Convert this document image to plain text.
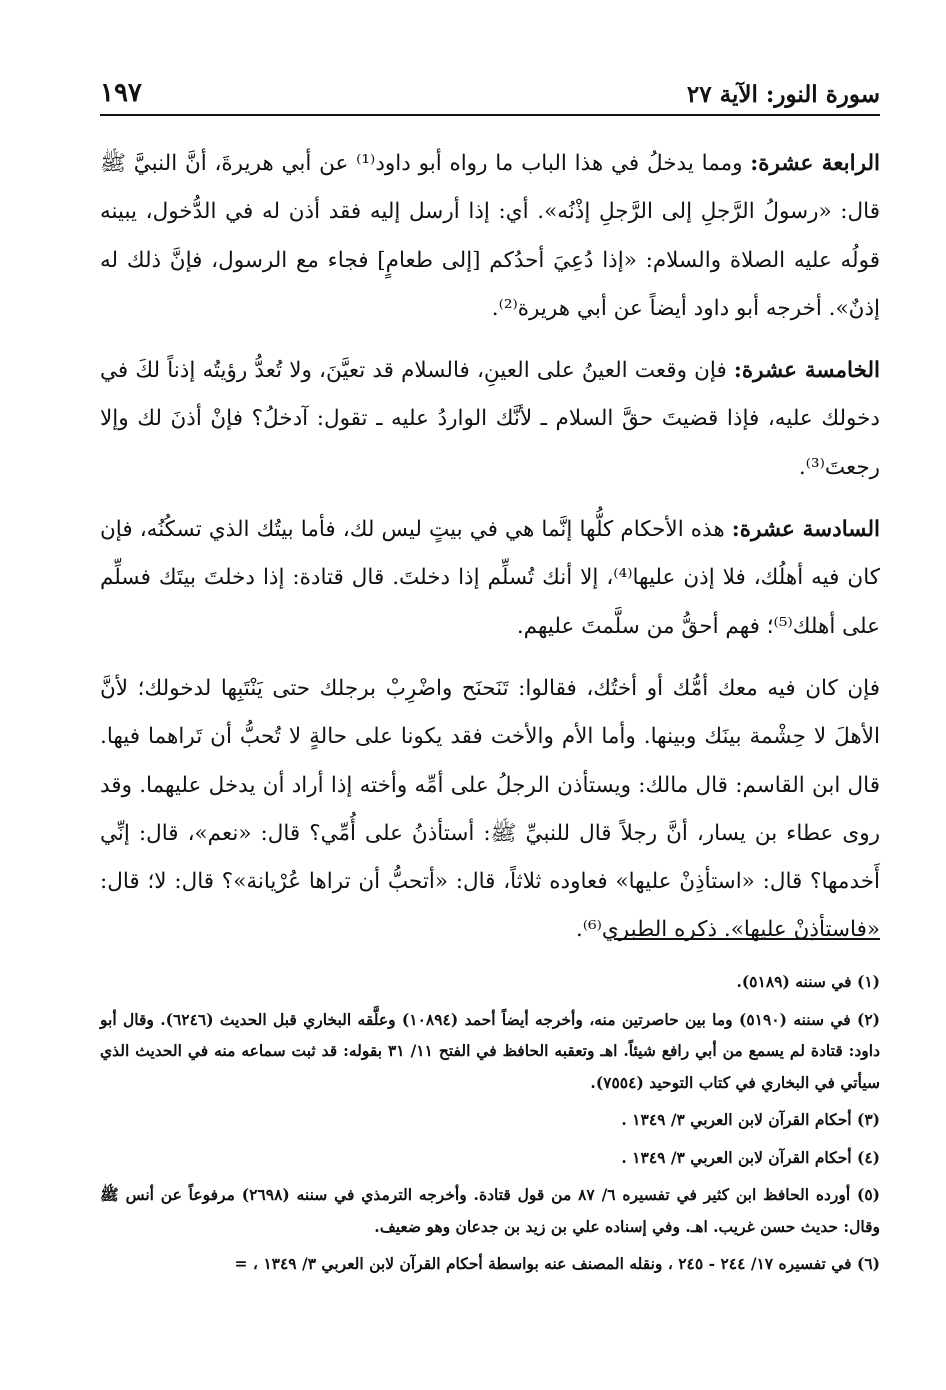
سورة النور: الآية ٢٧
١٩٧

الرابعة عشرة: ومما يدخلُ في هذا الباب ما رواه أبو داود⁽¹⁾ عن أبي هريرةَ، أنَّ النبيَّ ﷺ قال: «رسولُ الرَّجلِ إلى الرَّجلِ إذْنُه». أي: إذا أرسل إليه فقد أذن له في الدُّخول، يبينه قولُه عليه الصلاة والسلام: «إذا دُعِيَ أحدُكم [إلى طعامٍ] فجاء مع الرسول، فإنَّ ذلك له إذنٌ». أخرجه أبو داود أيضاً عن أبي هريرة⁽²⁾.

الخامسة عشرة: فإن وقعت العينُ على العينِ، فالسلام قد تعيَّنَ، ولا تُعدُّ رؤيتُه إذناً لكَ في دخولك عليه، فإذا قضيتَ حقَّ السلام ـ لأنَّك الواردُ عليه ـ تقول: آدخلُ؟ فإنْ أذنَ لك وإلا رجعتَ⁽³⁾.

السادسة عشرة: هذه الأحكام كلُّها إنَّما هي في بيتٍ ليس لك، فأما بيتُك الذي تسكُنُه، فإن كان فيه أهلُك، فلا إذن عليها⁽⁴⁾، إلا أنك تُسلِّم إذا دخلتَ. قال قتادة: إذا دخلتَ بيتَك فسلِّم على أهلك⁽⁵⁾؛ فهم أحقُّ من سلَّمتَ عليهم.

فإن كان فيه معك أمُّك أو أختُك، فقالوا: تَنَحنَح واضْرِبْ برجلك حتى يَنْتَبِها لدخولك؛ لأنَّ الأهلَ لا حِشْمة بينَك وبينها. وأما الأم والأخت فقد يكونا على حالةٍ لا تُحبُّ أن تَراهما فيها. قال ابن القاسم: قال مالك: ويستأذن الرجلُ على أمِّه وأخته إذا أراد أن يدخل عليهما. وقد روى عطاء بن يسار، أنَّ رجلاً قال للنبيِّ ﷺ: أستأذنُ على أُمِّي؟ قال: «نعم»، قال: إنِّي أَخدمها؟ قال: «استأذِنْ عليها» فعاوده ثلاثاً، قال: «أتحبُّ أن تراها عُرْيانة»؟ قال: لا؛ قال: «فاستأذِنْ عليها». ذكره الطبري⁽⁶⁾.

(١) في سننه (٥١٨٩).

(٢) في سننه (٥١٩٠) وما بين حاصرتين منه، وأخرجه أيضاً أحمد (١٠٨٩٤) وعلَّقه البخاري قبل الحديث (٦٢٤٦). وقال أبو داود: قتادة لم يسمع من أبي رافع شيئاً. اهـ وتعقبه الحافظ في الفتح ١١/ ٣١ بقوله: قد ثبت سماعه منه في الحديث الذي سيأتي في البخاري في كتاب التوحيد (٧٥٥٤).

(٣) أحكام القرآن لابن العربي ٣/ ١٣٤٩ .

(٤) أحكام القرآن لابن العربي ٣/ ١٣٤٩ .

(٥) أورده الحافظ ابن كثير في تفسيره ٦/ ٨٧ من قول قتادة. وأخرجه الترمذي في سننه (٢٦٩٨) مرفوعاً عن أنس ﷺ وقال: حديث حسن غريب. اهـ. وفي إسناده علي بن زيد بن جدعان وهو ضعيف.

(٦) في تفسيره ١٧/ ٢٤٤ - ٢٤٥ ، ونقله المصنف عنه بواسطة أحكام القرآن لابن العربي ٣/ ١٣٤٩ ، =
